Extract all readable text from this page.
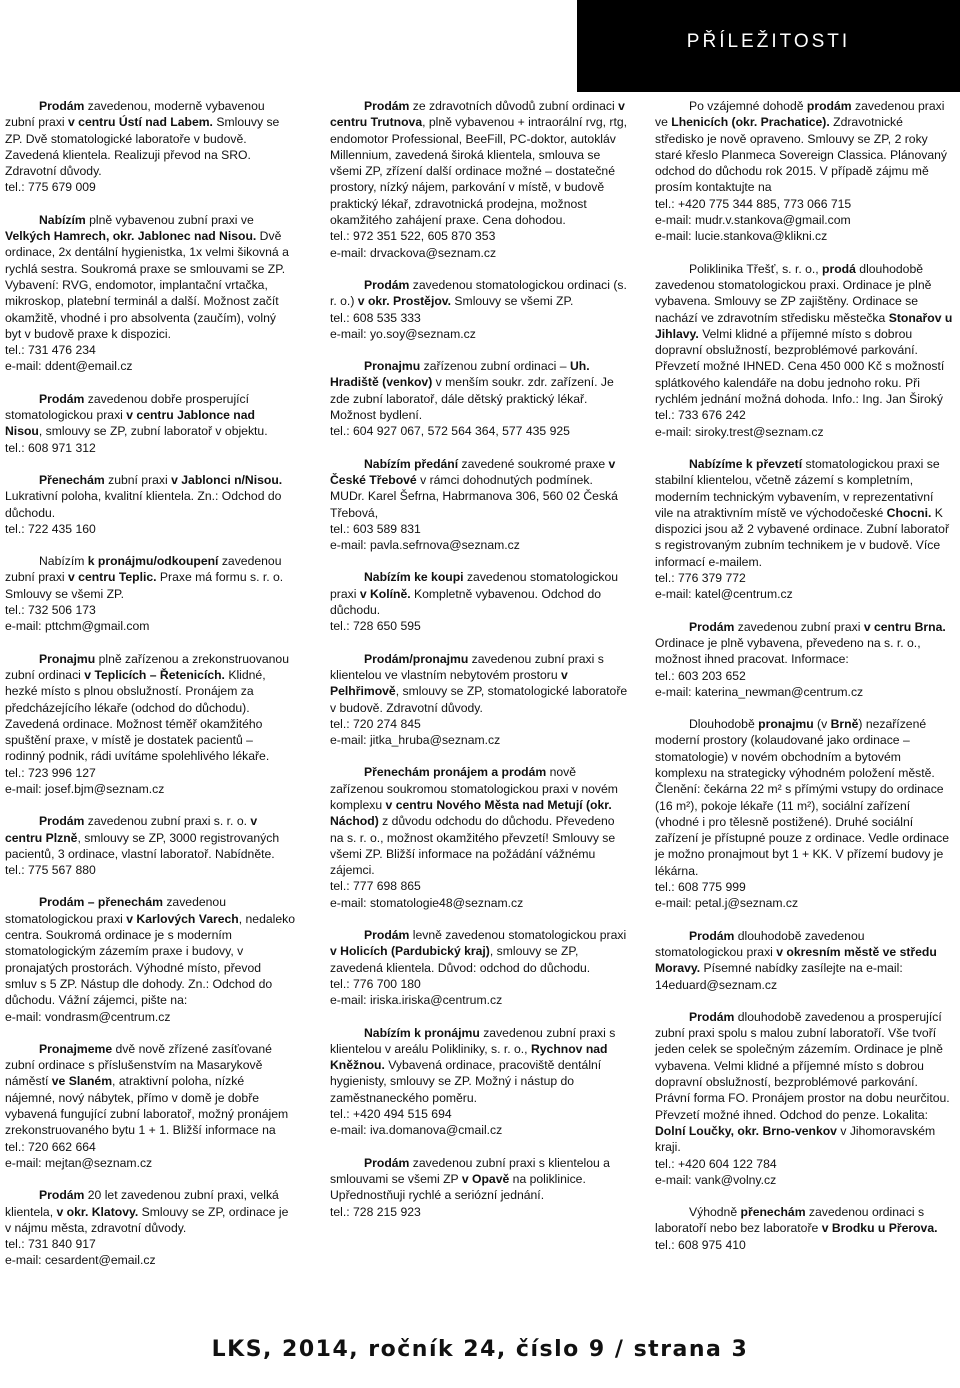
PŘÍLEŽITOSTI

Prodám zavedenou, moderně vybavenou zubní praxi v centru Ústí nad Labem. Smlouvy se ZP. Dvě stomatologické laboratoře v budově. Zavedená klientela. Realizuji převod na SRO. Zdravotní důvody.

tel.: 775 679 009

Nabízím plně vybavenou zubní praxi ve Velkých Hamrech, okr. Jablonec nad Nisou. Dvě ordinace, 2x dentální hygienistka, 1x velmi šikovná a rychlá sestra. Soukromá praxe se smlouvami se ZP. Vybavení: RVG, endomotor, implantační vrtačka, mikroskop, platební terminál a další. Možnost začít okamžitě, vhodné i pro absolventa (zaučím), volný byt v budově praxe k dispozici.

tel.: 731 476 234

e-mail: ddent@email.cz

Prodám zavedenou dobře prosperující stomatologickou praxi v centru Jablonce nad Nisou, smlouvy se ZP, zubní laboratoř v objektu.

tel.: 608 971 312

Přenechám zubní praxi v Jablonci n/Nisou. Lukrativní poloha, kvalitní klientela. Zn.: Odchod do důchodu.

tel.: 722 435 160

Nabízím k pronájmu/odkoupení zavedenou zubní praxi v centru Teplic. Praxe má formu s. r. o. Smlouvy se všemi ZP.

tel.: 732 506 173

e-mail: pttchm@gmail.com

Pronajmu plně zařízenou a zrekonstruovanou zubní ordinaci v Teplicích – Řetenicích. Klidné, hezké místo s plnou obslužností. Pronájem za předcházejícího lékaře (odchod do důchodu). Zavedená ordinace. Možnost téměř okamžitého spuštění praxe, v místě je dostatek pacientů – rodinný podnik, rádi uvítáme spolehlivého lékaře.

tel.: 723 996 127

e-mail: josef.bjm@seznam.cz

Prodám zavedenou zubní praxi s. r. o. v centru Plzně, smlouvy se ZP, 3000 registrovaných pacientů, 3 ordinace, vlastní laboratoř. Nabídněte.

tel.: 775 567 880

Prodám – přenechám zavedenou stomatologickou praxi v Karlových Varech, nedaleko centra. Soukromá ordinace je s moderním stomatologickým zázemím praxe i budovy, v pronajatých prostorách. Výhodné místo, převod smluv s 5 ZP. Nástup dle dohody. Zn.: Odchod do důchodu. Vážní zájemci, pište na:

e-mail: vondrasm@centrum.cz

Pronajmeme dvě nově zřízené zasíťované zubní ordinace s příslušenstvím na Masarykově náměstí ve Slaném, atraktivní poloha, nízké nájemné, nový nábytek, přímo v domě je dobře vybavená fungující zubní laboratoř, možný pronájem zrekonstruovaného bytu 1 + 1. Bližší informace na

tel.: 720 662 664

e-mail: mejtan@seznam.cz

Prodám 20 let zavedenou zubní praxi, velká klientela, v okr. Klatovy. Smlouvy se ZP, ordinace je v nájmu města, zdravotní důvody.

tel.: 731 840 917

e-mail: cesardent@email.cz

Prodám ze zdravotních důvodů zubní ordinaci v centru Trutnova, plně vybavenou + intraorální rvg, rtg, endomotor Professional, BeeFill, PC-doktor, autokláv Millennium, zavedená široká klientela, smlouva se všemi ZP, zřízení další ordinace možné – dostatečné prostory, nízký nájem, parkování v místě, v budově praktický lékař, zdravotnická prodejna, možnost okamžitého zahájení praxe. Cena dohodou.

tel.: 972 351 522, 605 870 353

e-mail: drvackova@seznam.cz

Prodám zavedenou stomatologickou ordinaci (s. r. o.) v okr. Prostějov. Smlouvy se všemi ZP.

tel.: 608 535 333

e-mail: yo.soy@seznam.cz

Pronajmu zařízenou zubní ordinaci – Uh. Hradiště (venkov) v menším soukr. zdr. zařízení. Je zde zubní laboratoř, dále dětský praktický lékař. Možnost bydlení.

tel.: 604 927 067, 572 564 364, 577 435 925

Nabízím předání zavedené soukromé praxe v České Třebové v rámci dohodnutých podmínek. MUDr. Karel Šefrna, Habrmanova 306, 560 02 Česká Třebová,

tel.: 603 589 831

e-mail: pavla.sefrnova@seznam.cz

Nabízím ke koupi zavedenou stomatologickou praxi v Kolíně. Kompletně vybavenou. Odchod do důchodu.

tel.: 728 650 595

Prodám/pronajmu zavedenou zubní praxi s klientelou ve vlastním nebytovém prostoru v Pelhřimově, smlouvy se ZP, stomatologické laboratoře v budově. Zdravotní důvody.

tel.: 720 274 845

e-mail: jitka_hruba@seznam.cz

Přenechám pronájem a prodám nově zařízenou soukromou stomatologickou praxi v novém komplexu v centru Nového Města nad Metují (okr. Náchod) z důvodu odchodu do důchodu. Převedeno na s. r. o., možnost okamžitého převzetí! Smlouvy se všemi ZP. Bližší informace na požádání vážnému zájemci.

tel.: 777 698 865

e-mail: stomatologie48@seznam.cz

Prodám levně zavedenou stomatologickou praxi v Holicích (Pardubický kraj), smlouvy se ZP, zavedená klientela. Důvod: odchod do důchodu.

tel.: 776 700 180

e-mail: iriska.iriska@centrum.cz

Nabízím k pronájmu zavedenou zubní praxi s klientelou v areálu Polikliniky, s. r. o., Rychnov nad Kněžnou. Vybavená ordinace, pracoviště dentální hygienisty, smlouvy se ZP. Možný i nástup do zaměstnaneckého poměru.

tel.: +420 494 515 694

e-mail: iva.domanova@cmail.cz

Prodám zavedenou zubní praxi s klientelou a smlouvami se všemi ZP v Opavě na poliklinice. Upřednostňuji rychlé a seriózní jednání.

tel.: 728 215 923

Po vzájemné dohodě prodám zavedenou praxi ve Lhenicích (okr. Prachatice). Zdravotnické středisko je nově opraveno. Smlouvy se ZP, 2 roky staré křeslo Planmeca Sovereign Classica. Plánovaný odchod do důchodu rok 2015. V případě zájmu mě prosím kontaktujte na

tel.: +420 775 344 885, 773 066 715

e-mail: mudr.v.stankova@gmail.com

e-mail: lucie.stankova@klikni.cz

Poliklinika Třešť, s. r. o., prodá dlouhodobě zavedenou stomatologickou praxi. Ordinace je plně vybavena. Smlouvy se ZP zajištěny. Ordinace se nachází ve zdravotním středisku městečka Stonařov u Jihlavy. Velmi klidné a příjemné místo s dobrou dopravní obslužností, bezproblémové parkování. Převzetí možné IHNED. Cena 450 000 Kč s možností splátkového kalendáře na dobu jednoho roku. Při rychlém jednání možná dohoda. Info.: Ing. Jan Široký

tel.: 733 676 242

e-mail: siroky.trest@seznam.cz

Nabízíme k převzetí stomatologickou praxi se stabilní klientelou, včetně zázemí s kompletním, moderním technickým vybavením, v reprezentativní vile na atraktivním místě ve východočeské Chocni. K dispozici jsou až 2 vybavené ordinace. Zubní laboratoř s registrovaným zubním technikem je v budově. Více informací e-mailem.

tel.: 776 379 772

e-mail: katel@centrum.cz

Prodám zavedenou zubní praxi v centru Brna. Ordinace je plně vybavena, převedeno na s. r. o., možnost ihned pracovat. Informace:

tel.: 603 203 652

e-mail: katerina_newman@centrum.cz

Dlouhodobě pronajmu (v Brně) nezařízené moderní prostory (kolaudované jako ordinace – stomatologie) v novém obchodním a bytovém komplexu na strategicky výhodném položení městě. Členění: čekárna 22 m² s přímými vstupy do ordinace (16 m²), pokoje lékaře (11 m²), sociální zařízení (vhodné i pro tělesně postižené). Druhé sociální zařízení je přístupné pouze z ordinace. Vedle ordinace je možno pronajmout byt 1 + KK. V přízemí budovy je lékárna.

tel.: 608 775 999

e-mail: petal.j@seznam.cz

Prodám dlouhodobě zavedenou stomatologickou praxi v okresním městě ve středu Moravy. Písemné nabídky zasílejte na e-mail: 14eduard@seznam.cz

Prodám dlouhodobě zavedenou a prosperující zubní praxi spolu s malou zubní laboratoří. Vše tvoří jeden celek se společným zázemím. Ordinace je plně vybavena. Velmi klidné a příjemné místo s dobrou dopravní obslužností, bezproblémové parkování. Právní forma FO. Pronájem prostor na dobu neurčitou. Převzetí možné ihned. Odchod do penze. Lokalita: Dolní Loučky, okr. Brno-venkov v Jihomoravském kraji.

tel.: +420 604 122 784

e-mail: vank@volny.cz

Výhodně přenechám zavedenou ordinaci s laboratoří nebo bez laboratoře v Brodku u Přerova.

tel.: 608 975 410

LKS, 2014, ročník 24, číslo 9 / strana 3
